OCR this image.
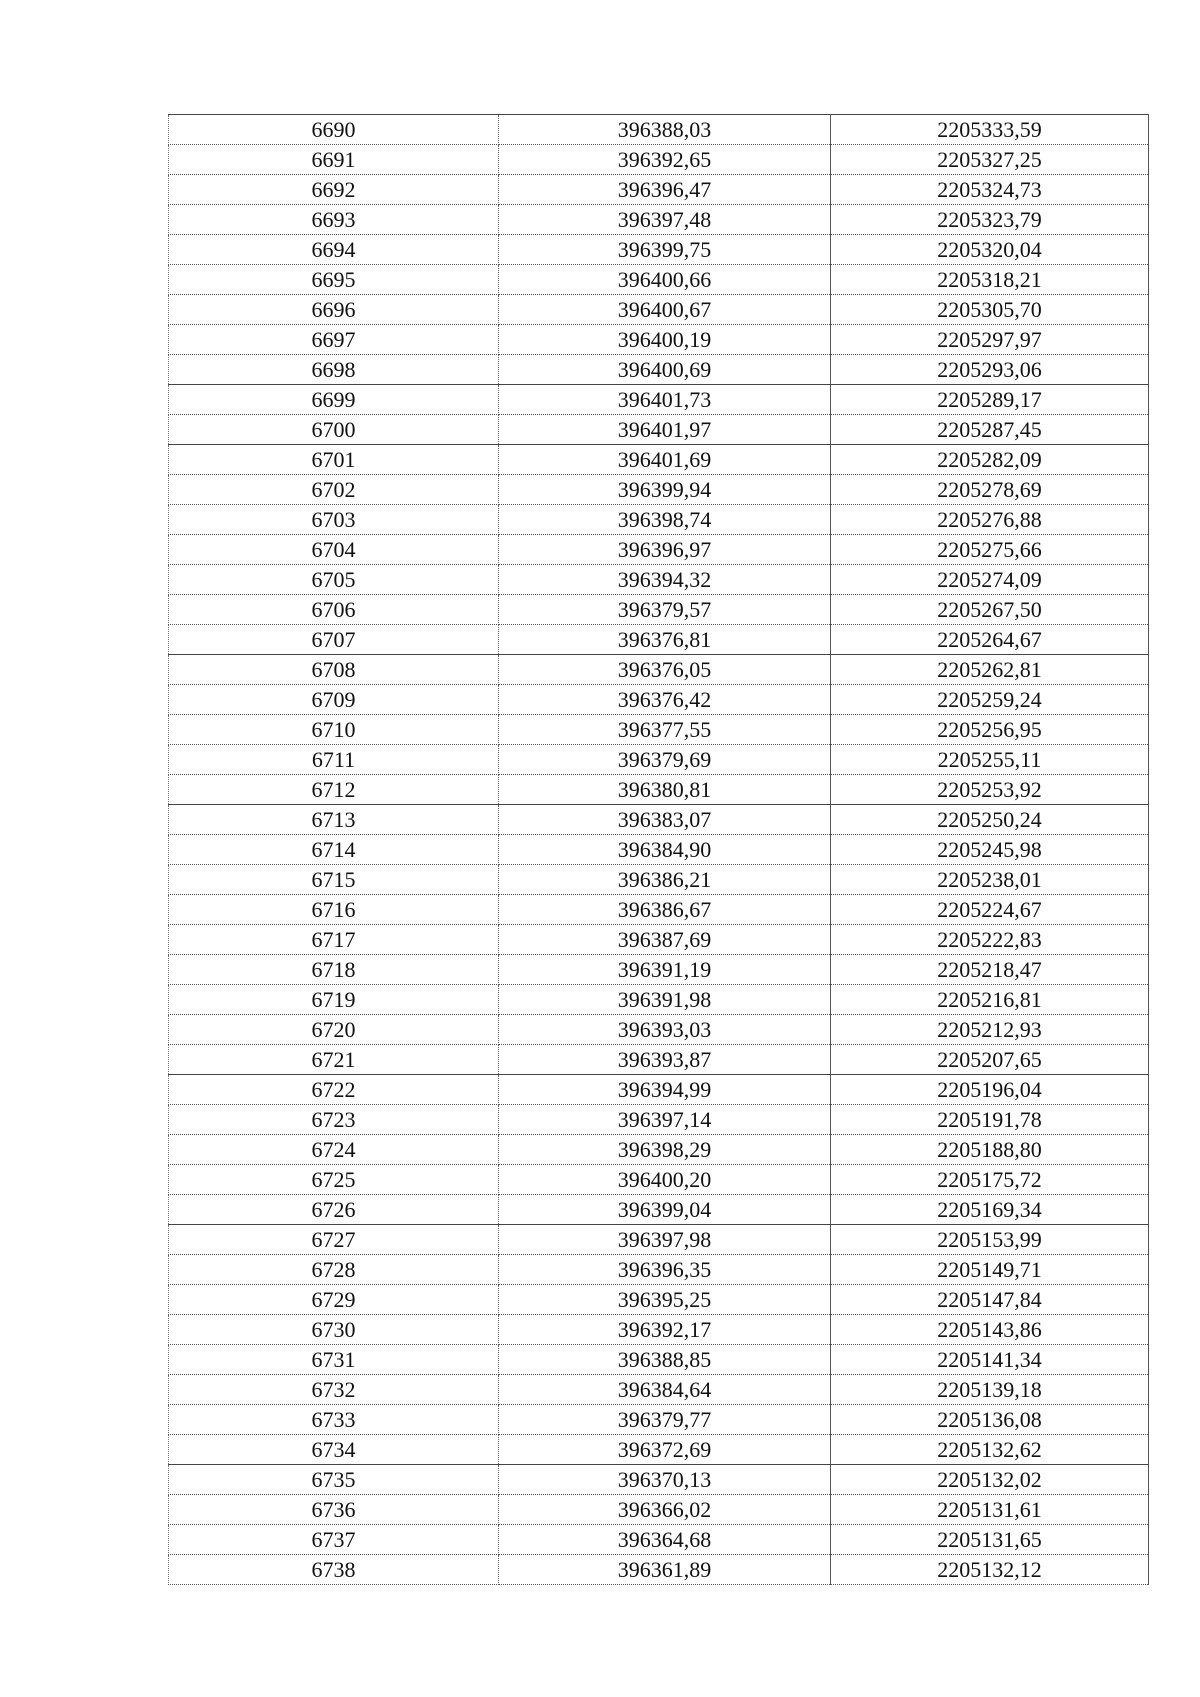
6690	396388,03	2205333,59
6691	396392,65	2205327,25
6692	396396,47	2205324,73
6693	396397,48	2205323,79
6694	396399,75	2205320,04
6695	396400,66	2205318,21
6696	396400,67	2205305,70
6697	396400,19	2205297,97
6698	396400,69	2205293,06
6699	396401,73	2205289,17
6700	396401,97	2205287,45
6701	396401,69	2205282,09
6702	396399,94	2205278,69
6703	396398,74	2205276,88
6704	396396,97	2205275,66
6705	396394,32	2205274,09
6706	396379,57	2205267,50
6707	396376,81	2205264,67
6708	396376,05	2205262,81
6709	396376,42	2205259,24
6710	396377,55	2205256,95
6711	396379,69	2205255,11
6712	396380,81	2205253,92
6713	396383,07	2205250,24
6714	396384,90	2205245,98
6715	396386,21	2205238,01
6716	396386,67	2205224,67
6717	396387,69	2205222,83
6718	396391,19	2205218,47
6719	396391,98	2205216,81
6720	396393,03	2205212,93
6721	396393,87	2205207,65
6722	396394,99	2205196,04
6723	396397,14	2205191,78
6724	396398,29	2205188,80
6725	396400,20	2205175,72
6726	396399,04	2205169,34
6727	396397,98	2205153,99
6728	396396,35	2205149,71
6729	396395,25	2205147,84
6730	396392,17	2205143,86
6731	396388,85	2205141,34
6732	396384,64	2205139,18
6733	396379,77	2205136,08
6734	396372,69	2205132,62
6735	396370,13	2205132,02
6736	396366,02	2205131,61
6737	396364,68	2205131,65
6738	396361,89	2205132,12
